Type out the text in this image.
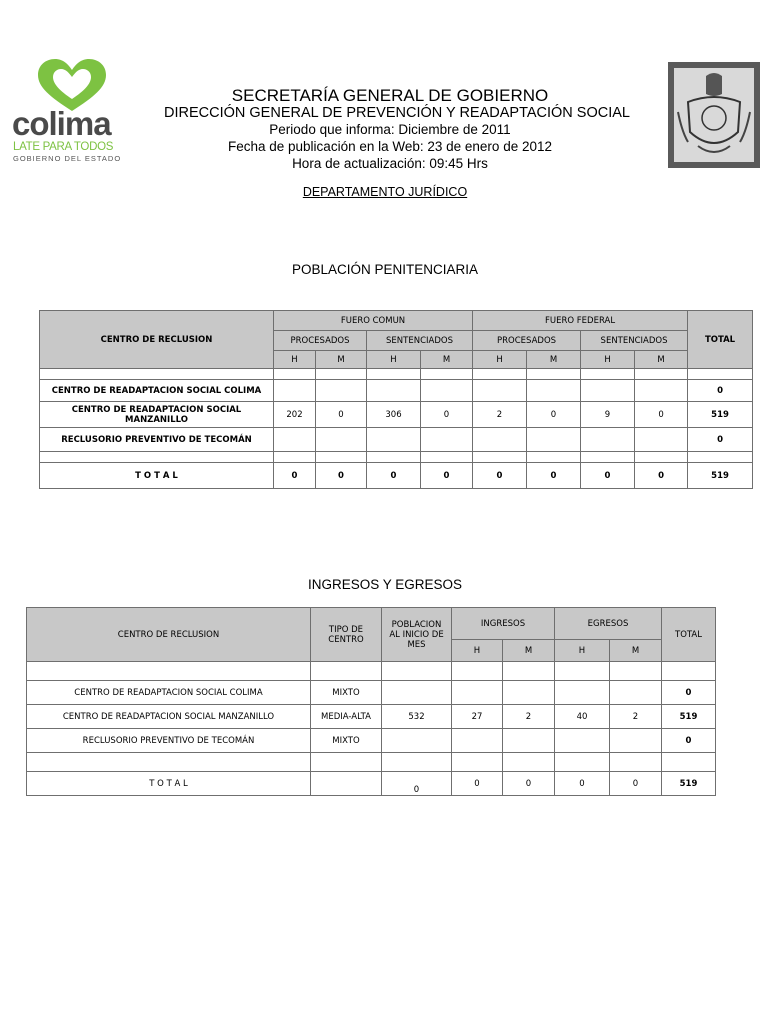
colima
LATE PARA TODOS
GOBIERNO DEL ESTADO
SECRETARÍA GENERAL DE GOBIERNO
DIRECCIÓN GENERAL DE PREVENCIÓN Y READAPTACIÓN SOCIAL
Periodo que informa: Diciembre de 2011
Fecha de publicación en la Web: 23 de enero de 2012
Hora de actualización: 09:45 Hrs
DEPARTAMENTO JURÍDICO
POBLACIÓN PENITENCIARIA
CENTRO DE RECLUSION	FUERO COMUN				FUERO FEDERAL				TOTAL
	PROCESADOS		SENTENCIADOS		PROCESADOS		SENTENCIADOS		
	H	M	H	M	H	M	H	M	

CENTRO DE READAPTACION SOCIAL COLIMA									0
CENTRO DE READAPTACION SOCIAL MANZANILLO	202	0	306	0	2	0	9	0	519
RECLUSORIO PREVENTIVO DE TECOMÁN									0

T O T A L	0	0	0	0	0	0	0	0	519
INGRESOS Y EGRESOS
CENTRO DE RECLUSION	TIPO DE CENTRO	POBLACION AL INICIO DE MES	INGRESOS		EGRESOS		TOTAL
			H	M	H	M	

CENTRO DE READAPTACION SOCIAL COLIMA	MIXTO						0
CENTRO DE READAPTACION SOCIAL MANZANILLO	MEDIA-ALTA	532	27	2	40	2	519
RECLUSORIO PREVENTIVO DE TECOMÁN	MIXTO						0

T O T A L		0	0	0	0	0	519
